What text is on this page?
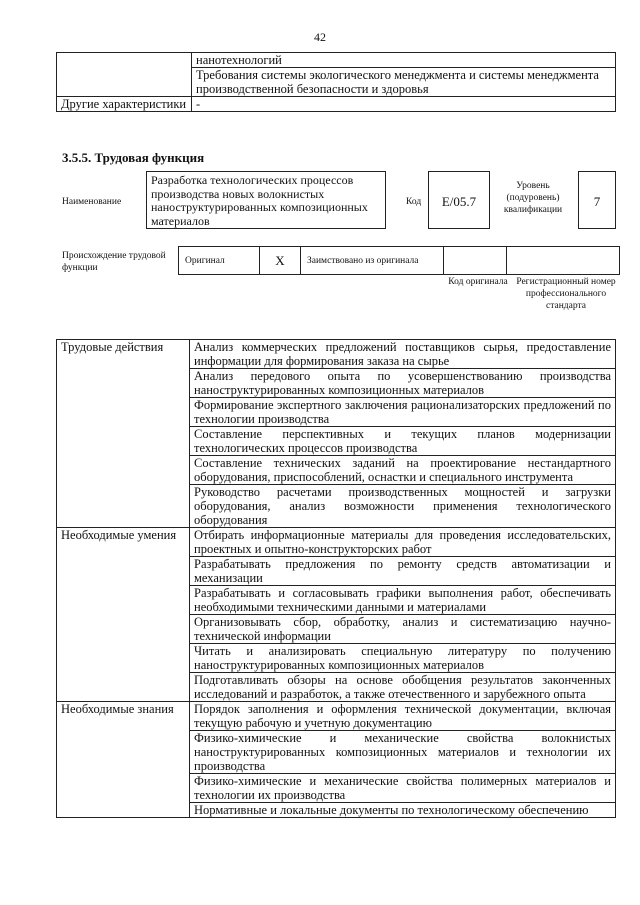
42
	нанотехнологий
	Требования системы экологического менеджмента и системы менеджмента производственной безопасности и здоровья
Другие характеристики	-
3.5.5. Трудовая функция
Наименование
Разработка технологических процессов производства новых волокнистых наноструктурированных композиционных материалов
Код	E/05.7
Уровень (подуровень) квалификации
7
Происхождение трудовой функции
Оригинал	X	Заимствовано из оригинала		
Код оригинала Регистрационный номер профессионального стандарта
Трудовые действия	Анализ коммерческих предложений поставщиков сырья, предоставление информации для формирования заказа на сырье
	Анализ передового опыта по усовершенствованию производства наноструктурированных композиционных материалов
	Формирование экспертного заключения рационализаторских предложений по технологии производства
	Составление перспективных и текущих планов модернизации технологических процессов производства
	Составление технических заданий на проектирование нестандартного оборудования, приспособлений, оснастки и специального инструмента
	Руководство расчетами производственных мощностей и загрузки оборудования, анализ возможности применения технологического оборудования
Необходимые умения	Отбирать информационные материалы для проведения исследовательских, проектных и опытно-конструкторских работ
	Разрабатывать предложения по ремонту средств автоматизации и механизации
	Разрабатывать и согласовывать графики выполнения работ, обеспечивать необходимыми техническими данными и материалами
	Организовывать сбор, обработку, анализ и систематизацию научно-технической информации
	Читать и анализировать специальную литературу по получению наноструктурированных композиционных материалов
	Подготавливать обзоры на основе обобщения результатов законченных исследований и разработок, а также отечественного и зарубежного опыта
Необходимые знания	Порядок заполнения и оформления технической документации, включая текущую рабочую и учетную документацию
	Физико-химические и механические свойства волокнистых наноструктурированных композиционных материалов и технологии их производства
	Физико-химические и механические свойства полимерных материалов и технологии их производства
	Нормативные и локальные документы по технологическому обеспечению
